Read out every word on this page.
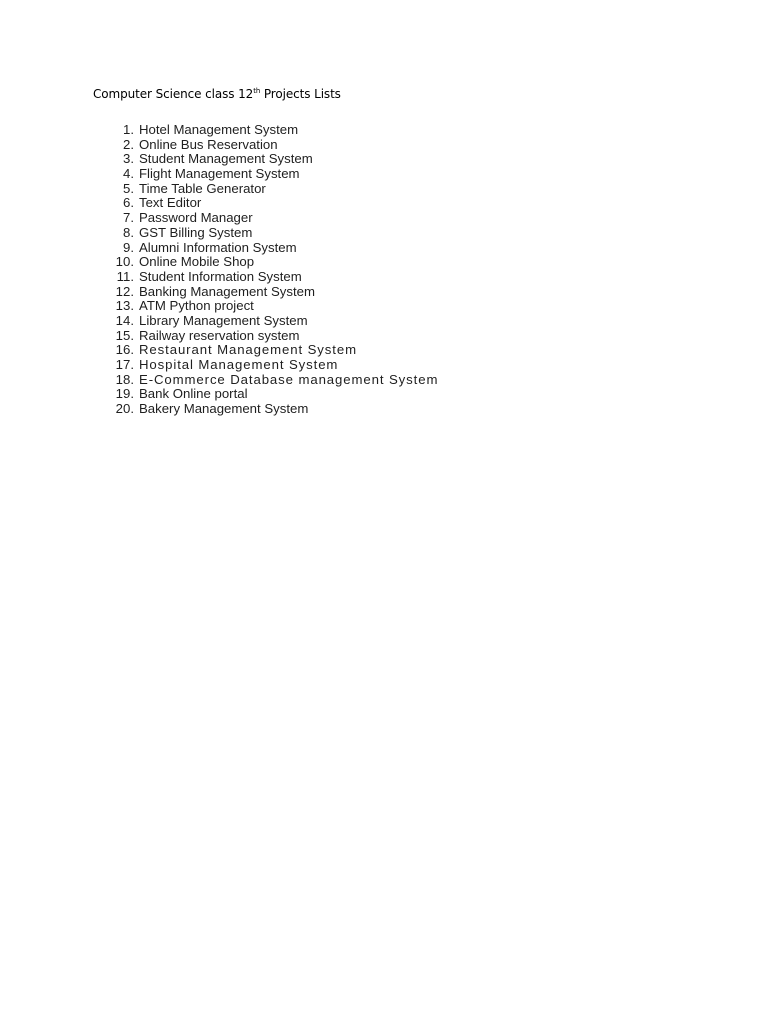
Computer Science class 12th Projects Lists
1. Hotel Management System
2. Online Bus Reservation
3. Student Management System
4. Flight Management System
5. Time Table Generator
6. Text Editor
7. Password Manager
8. GST Billing System
9. Alumni Information System
10. Online Mobile Shop
11. Student Information System
12. Banking Management System
13. ATM Python project
14. Library Management System
15. Railway reservation system
16. Restaurant Management System
17. Hospital Management System
18. E-Commerce Database management System
19. Bank Online portal
20. Bakery Management System
